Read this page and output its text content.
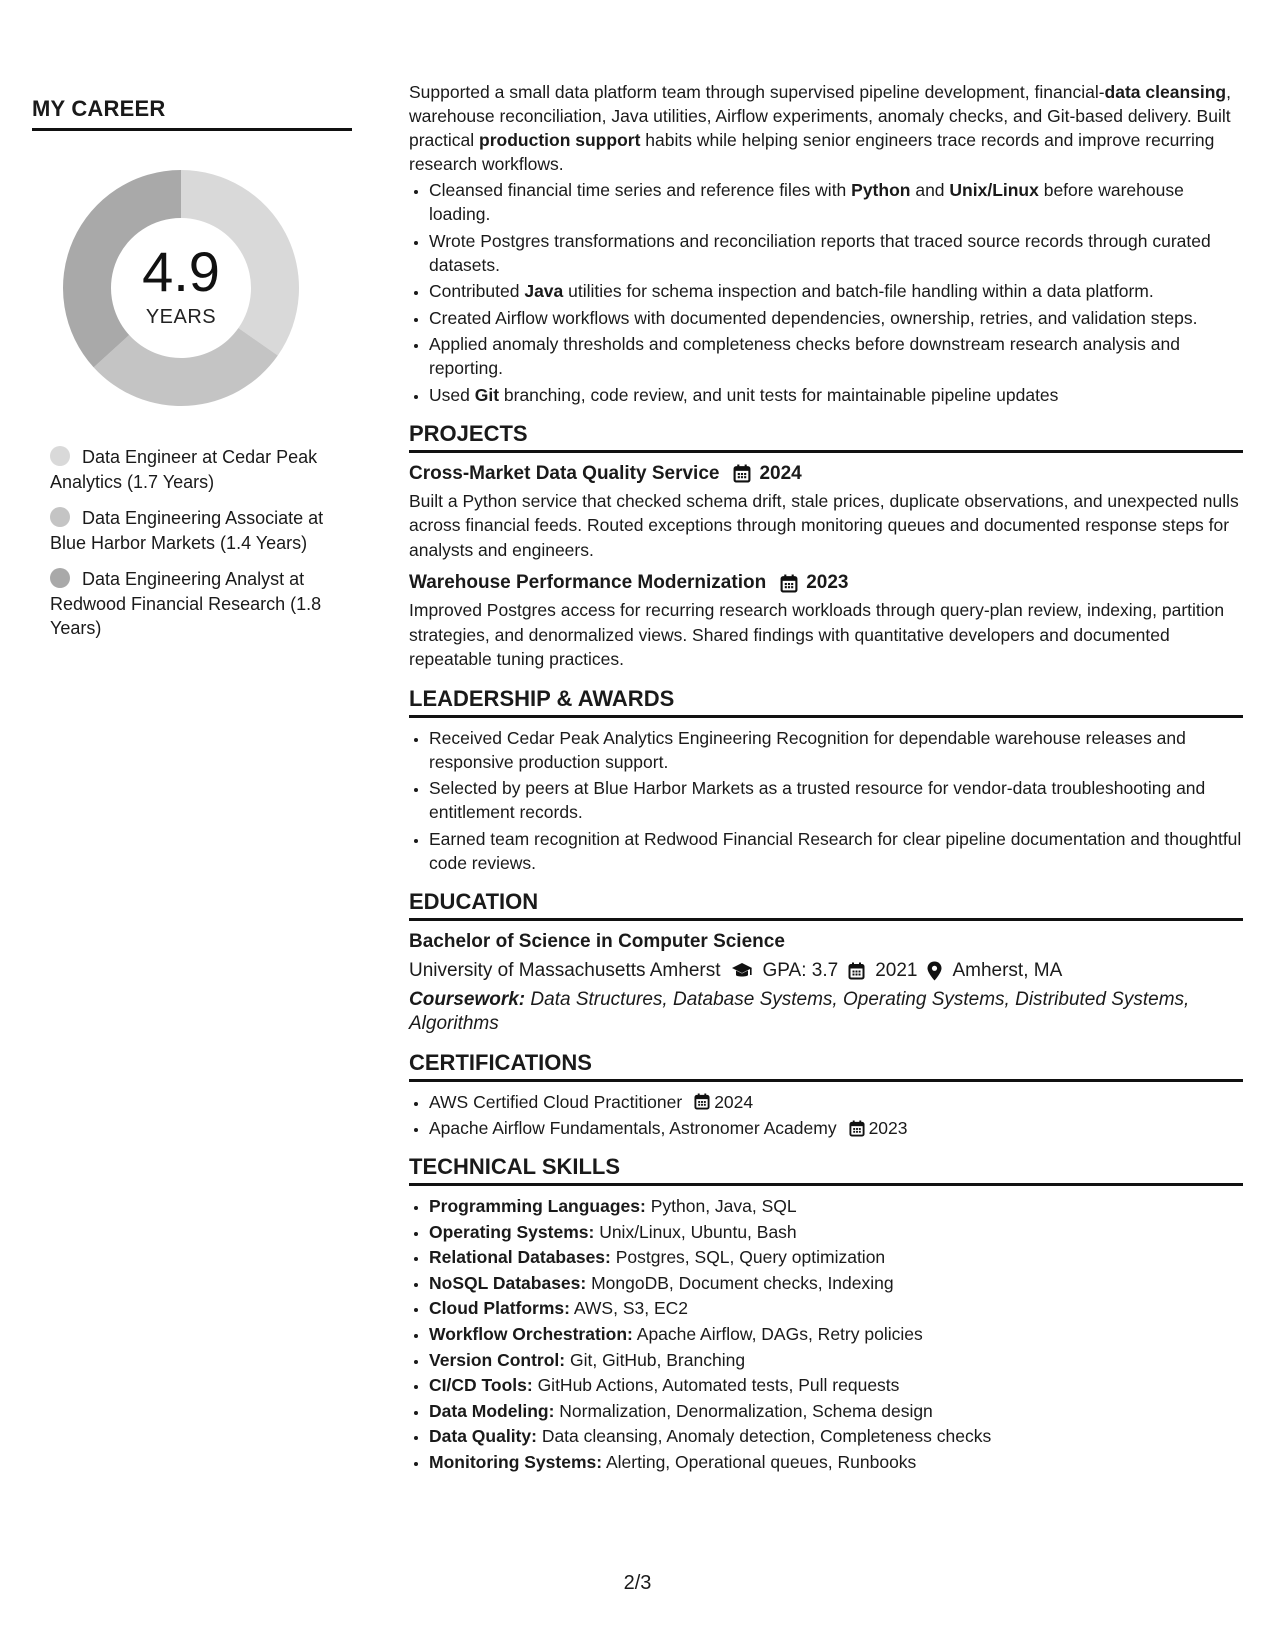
MY CAREER
4.9
YEARS
Data Engineer at Cedar Peak Analytics (1.7 Years)
Data Engineering Associate at Blue Harbor Markets (1.4 Years)
Data Engineering Analyst at Redwood Financial Research (1.8 Years)

Supported a small data platform team through supervised pipeline development, financial-data cleansing, warehouse reconciliation, Java utilities, Airflow experiments, anomaly checks, and Git-based delivery. Built practical production support habits while helping senior engineers trace records and improve recurring research workflows.

• Cleansed financial time series and reference files with Python and Unix/Linux before warehouse loading.
• Wrote Postgres transformations and reconciliation reports that traced source records through curated datasets.
• Contributed Java utilities for schema inspection and batch-file handling within a data platform.
• Created Airflow workflows with documented dependencies, ownership, retries, and validation steps.
• Applied anomaly thresholds and completeness checks before downstream research analysis and reporting.
• Used Git branching, code review, and unit tests for maintainable pipeline updates
PROJECTS
Cross-Market Data Quality Service 2024

Built a Python service that checked schema drift, stale prices, duplicate observations, and unexpected nulls across financial feeds. Routed exceptions through monitoring queues and documented response steps for analysts and engineers.

Warehouse Performance Modernization 2023

Improved Postgres access for recurring research workloads through query-plan review, indexing, partition strategies, and denormalized views. Shared findings with quantitative developers and documented repeatable tuning practices.

LEADERSHIP & AWARDS
• Received Cedar Peak Analytics Engineering Recognition for dependable warehouse releases and responsive production support.
• Selected by peers at Blue Harbor Markets as a trusted resource for vendor-data troubleshooting and entitlement records.
• Earned team recognition at Redwood Financial Research for clear pipeline documentation and thoughtful code reviews.
EDUCATION
Bachelor of Science in Computer Science
University of Massachusetts Amherst GPA: 3.7 2021 Amherst, MA
Coursework: Data Structures, Database Systems, Operating Systems, Distributed Systems, Algorithms
CERTIFICATIONS
• AWS Certified Cloud Practitioner 2024
• Apache Airflow Fundamentals, Astronomer Academy 2023
TECHNICAL SKILLS
• Programming Languages: Python, Java, SQL
• Operating Systems: Unix/Linux, Ubuntu, Bash
• Relational Databases: Postgres, SQL, Query optimization
• NoSQL Databases: MongoDB, Document checks, Indexing
• Cloud Platforms: AWS, S3, EC2
• Workflow Orchestration: Apache Airflow, DAGs, Retry policies
• Version Control: Git, GitHub, Branching
• CI/CD Tools: GitHub Actions, Automated tests, Pull requests
• Data Modeling: Normalization, Denormalization, Schema design
• Data Quality: Data cleansing, Anomaly detection, Completeness checks
• Monitoring Systems: Alerting, Operational queues, Runbooks
2/3
